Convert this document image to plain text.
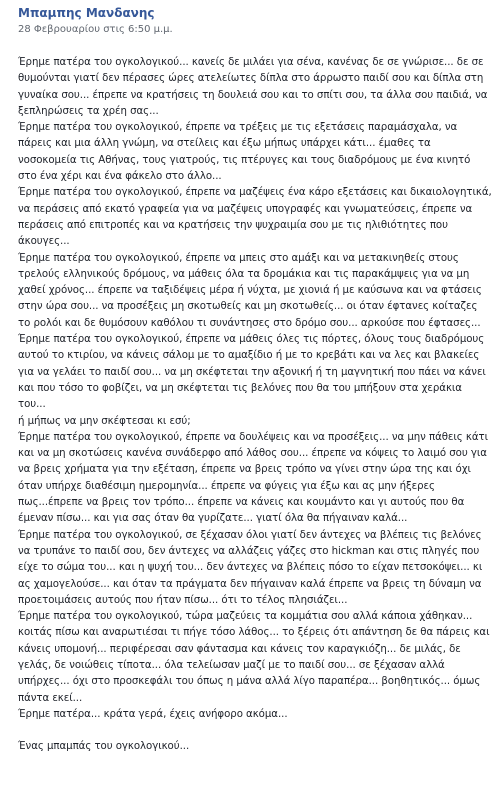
Μπαμπης Μανδανης
28 Φεβρουαρίου στις 6:50 μ.μ.
Έρημε πατέρα του ογκολογικού... κανείς δε μιλάει για σένα, κανένας δε σε γνώρισε... δε σε θυμούνται γιατί δεν πέρασες ώρες ατελείωτες δίπλα στο άρρωστο παιδί σου και δίπλα στη γυναίκα σου... έπρεπε να κρατήσεις τη δουλειά σου και το σπίτι σου, τα άλλα σου παιδιά, να ξεπληρώσεις τα χρέη σας...
Έρημε πατέρα του ογκολογικού, έπρεπε να τρέξεις με τις εξετάσεις παραμάσχαλα, να πάρεις και μια άλλη γνώμη, να στείλεις και έξω μήπως υπάρχει κάτι... έμαθες τα νοσοκομεία τις Αθήνας, τους γιατρούς, τις πτέρυγες και τους διαδρόμους με ένα κινητό στο ένα χέρι και ένα φάκελο στο άλλο...
Έρημε πατέρα του ογκολογικού, έπρεπε να μαζέψεις ένα κάρο εξετάσεις και δικαιολογητικά, να περάσεις από εκατό γραφεία για να μαζέψεις υπογραφές και γνωματεύσεις, έπρεπε να περάσεις από επιτροπές και να κρατήσεις την ψυχραιμία σου με τις ηλιθιότητες που άκουγες...
Έρημε πατέρα του ογκολογικού, έπρεπε να μπεις στο αμάξι και να μετακινηθείς στους τρελούς ελληνικούς δρόμους, να μάθεις όλα τα δρομάκια και τις παρακάμψεις για να μη χαθεί χρόνος... έπρεπε να ταξιδέψεις μέρα ή νύχτα, με χιονιά ή με καύσωνα και να φτάσεις στην ώρα σου... να προσέξεις μη σκοτωθείς και μη σκοτωθείς... οι όταν έφτανες κοίταζες το ρολόι και δε θυμόσουν καθόλου τι συνάντησες στο δρόμο σου... αρκούσε που έφτασες...
Έρημε πατέρα του ογκολογικού, έπρεπε να μάθεις όλες τις πόρτες, όλους τους διαδρόμους αυτού το κτιρίου, να κάνεις σάλομ με το αμαξίδιο ή με το κρεβάτι και να λες και βλακείες για να γελάει το παιδί σου... να μη σκέφτεται την αξονική ή τη μαγνητική που πάει να κάνει και που τόσο το φοβίζει, να μη σκέφτεται τις βελόνες που θα του μπήξουν στα χεράκια του...
ή μήπως να μην σκέφτεσαι κι εσύ;
Έρημε πατέρα του ογκολογικού, έπρεπε να δουλέψεις και να προσέξεις... να μην πάθεις κάτι και να μη σκοτώσεις κανένα συνάδερφο από λάθος σου... έπρεπε να κόψεις το λαιμό σου για να βρεις χρήματα για την εξέταση, έπρεπε να βρεις τρόπο να γίνει στην ώρα της και όχι όταν υπήρχε διαθέσιμη ημερομηνία... έπρεπε να φύγεις για έξω και ας μην ήξερες πως...έπρεπε να βρεις τον τρόπο... έπρεπε να κάνεις και κουμάντο και γι αυτούς που θα έμεναν πίσω... και για σας όταν θα γυρίζατε... γιατί όλα θα πήγαιναν καλά...
Έρημε πατέρα του ογκολογικού, σε ξέχασαν όλοι γιατί δεν άντεχες να βλέπεις τις βελόνες να τρυπάνε το παιδί σου, δεν άντεχες να αλλάζεις γάζες στο hickman και στις πληγές που είχε το σώμα του... και η ψυχή του... δεν άντεχες να βλέπεις πόσο το είχαν πετσοκόψει... κι ας χαμογελούσε... και όταν τα πράγματα δεν πήγαιναν καλά έπρεπε να βρεις τη δύναμη να
προετοιμάσεις αυτούς που ήταν πίσω... ότι το τέλος πλησιάζει...
Έρημε πατέρα του ογκολογικού, τώρα μαζεύεις τα κομμάτια σου αλλά κάποια χάθηκαν... κοιτάς πίσω και αναρωτιέσαι τι πήγε τόσο λάθος... το ξέρεις ότι απάντηση δε θα πάρεις και κάνεις υπομονή... περιφέρεσαι σαν φάντασμα και κάνεις τον καραγκιόζη... δε μιλάς, δε γελάς, δε νοιώθεις τίποτα... όλα τελείωσαν μαζί με το παιδί σου... σε ξέχασαν αλλά υπήρχες... όχι στο προσκεφάλι του όπως η μάνα αλλά λίγο παραπέρα... βοηθητικός... όμως πάντα εκεί...
Έρημε πατέρα... κράτα γερά, έχεις ανήφορο ακόμα...
Ένας μπαμπάς του ογκολογικού...
